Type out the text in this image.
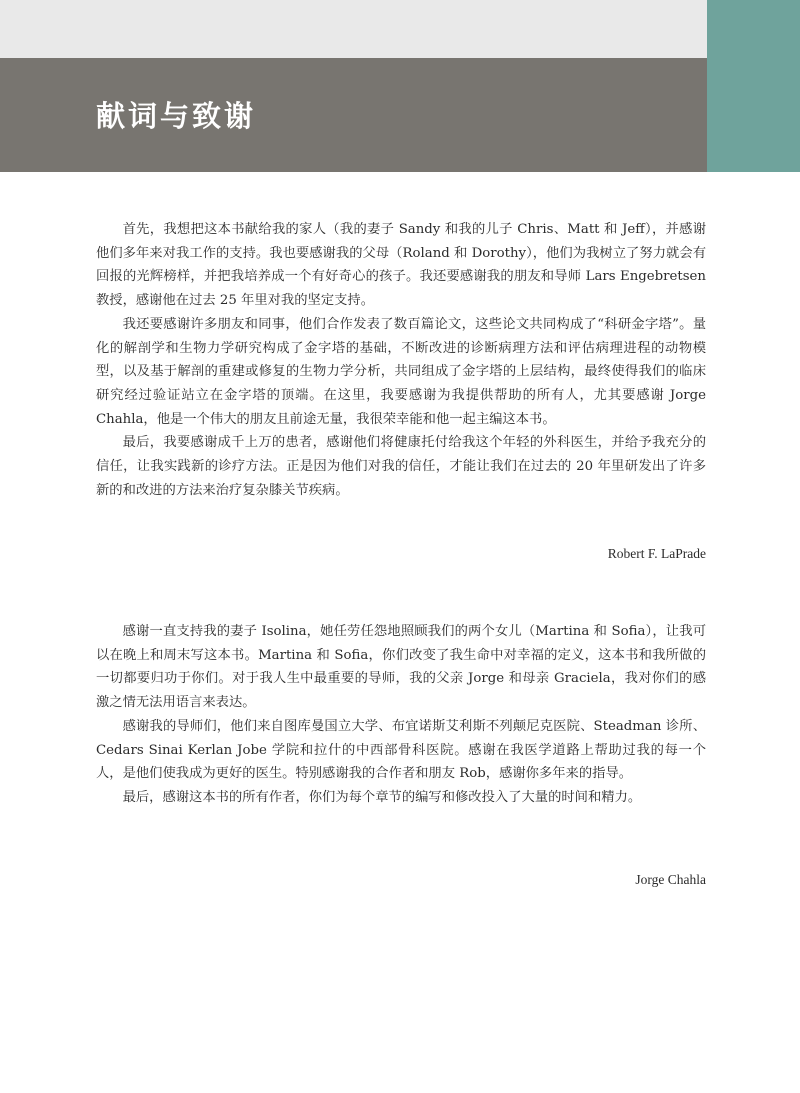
献词与致谢

首先，我想把这本书献给我的家人（我的妻子 Sandy 和我的儿子 Chris、Matt 和 Jeff），并感谢他们多年来对我工作的支持。我也要感谢我的父母（Roland 和 Dorothy），他们为我树立了努力就会有回报的光辉榜样，并把我培养成一个有好奇心的孩子。我还要感谢我的朋友和导师 Lars Engebretsen 教授，感谢他在过去 25 年里对我的坚定支持。

我还要感谢许多朋友和同事，他们合作发表了数百篇论文，这些论文共同构成了“科研金字塔”。量化的解剖学和生物力学研究构成了金字塔的基础，不断改进的诊断病理方法和评估病理进程的动物模型，以及基于解剖的重建或修复的生物力学分析，共同组成了金字塔的上层结构，最终使得我们的临床研究经过验证站立在金字塔的顶端。在这里，我要感谢为我提供帮助的所有人，尤其要感谢 Jorge Chahla，他是一个伟大的朋友且前途无量，我很荣幸能和他一起主编这本书。

最后，我要感谢成千上万的患者，感谢他们将健康托付给我这个年轻的外科医生，并给予我充分的信任，让我实践新的诊疗方法。正是因为他们对我的信任，才能让我们在过去的 20 年里研发出了许多新的和改进的方法来治疗复杂膝关节疾病。

Robert F. LaPrade

感谢一直支持我的妻子 Isolina，她任劳任怨地照顾我们的两个女儿（Martina 和 Sofia），让我可以在晚上和周末写这本书。Martina 和 Sofia，你们改变了我生命中对幸福的定义，这本书和我所做的一切都要归功于你们。对于我人生中最重要的导师，我的父亲 Jorge 和母亲 Graciela，我对你们的感激之情无法用语言来表达。

感谢我的导师们，他们来自图库曼国立大学、布宜诺斯艾利斯不列颠尼克医院、Steadman 诊所、Cedars Sinai Kerlan Jobe 学院和拉什的中西部骨科医院。感谢在我医学道路上帮助过我的每一个人，是他们使我成为更好的医生。特别感谢我的合作者和朋友 Rob，感谢你多年来的指导。

最后，感谢这本书的所有作者，你们为每个章节的编写和修改投入了大量的时间和精力。

Jorge Chahla
